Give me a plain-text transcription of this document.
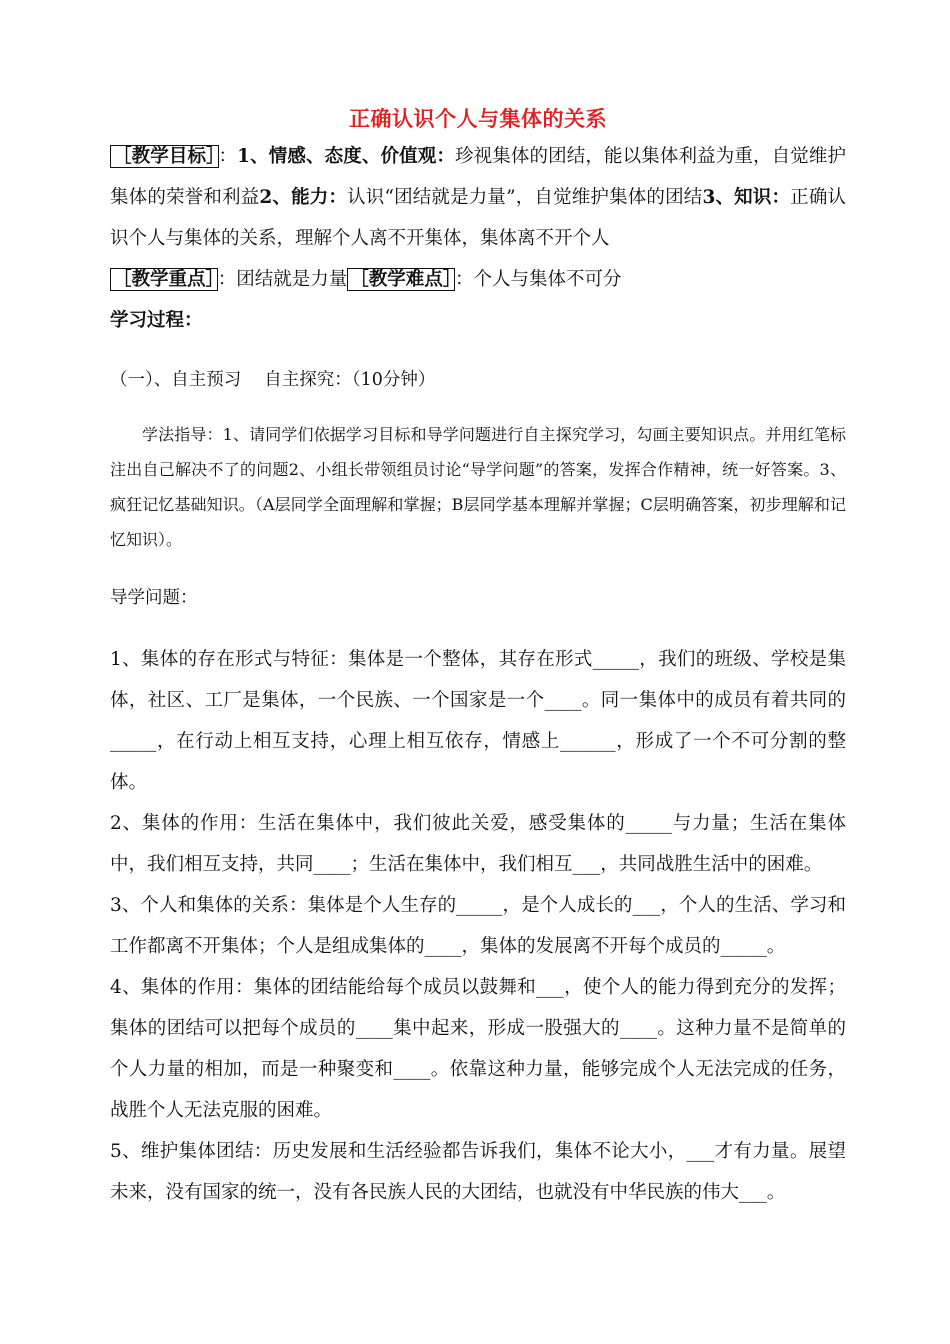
正确认识个人与集体的关系

［教学目标］ ：1、情感、态度、价值观：珍视集体的团结，能以集体利益为重，自觉维护集体的荣誉和利益2、能力：认识“团结就是力量”，自觉维护集体的团结3、知识：正确认识个人与集体的关系，理解个人离不开集体，集体离不开个人

［教学重点］ ：团结就是力量 ［教学难点］ ：个人与集体不可分

学习过程：

（一）、自主预习　 自主探究：（10分钟）

学法指导：1、请同学们依据学习目标和导学问题进行自主探究学习，勾画主要知识点。并用红笔标注出自己解决不了的问题2、小组长带领组员讨论“导学问题”的答案，发挥合作精神，统一好答案。3、疯狂记忆基础知识。（A层同学全面理解和掌握；B层同学基本理解并掌握；C层明确答案，初步理解和记忆知识）。

导学问题：

1、集体的存在形式与特征：集体是一个整体，其存在形式_____，我们的班级、学校是集体，社区、工厂是集体，一个民族、一个国家是一个____。同一集体中的成员有着共同的_____，在行动上相互支持，心理上相互依存，情感上______，形成了一个不可分割的整体。

2、集体的作用：生活在集体中，我们彼此关爱，感受集体的_____与力量；生活在集体中，我们相互支持，共同____；生活在集体中，我们相互___，共同战胜生活中的困难。

3、个人和集体的关系：集体是个人生存的_____，是个人成长的___，个人的生活、学习和工作都离不开集体；个人是组成集体的____，集体的发展离不开每个成员的_____。

4、集体的作用：集体的团结能给每个成员以鼓舞和___，使个人的能力得到充分的发挥；集体的团结可以把每个成员的____集中起来，形成一股强大的____。这种力量不是简单的个人力量的相加，而是一种聚变和____。依靠这种力量，能够完成个人无法完成的任务，战胜个人无法克服的困难。

5、维护集体团结：历史发展和生活经验都告诉我们，集体不论大小，___才有力量。展望未来，没有国家的统一，没有各民族人民的大团结，也就没有中华民族的伟大___。
